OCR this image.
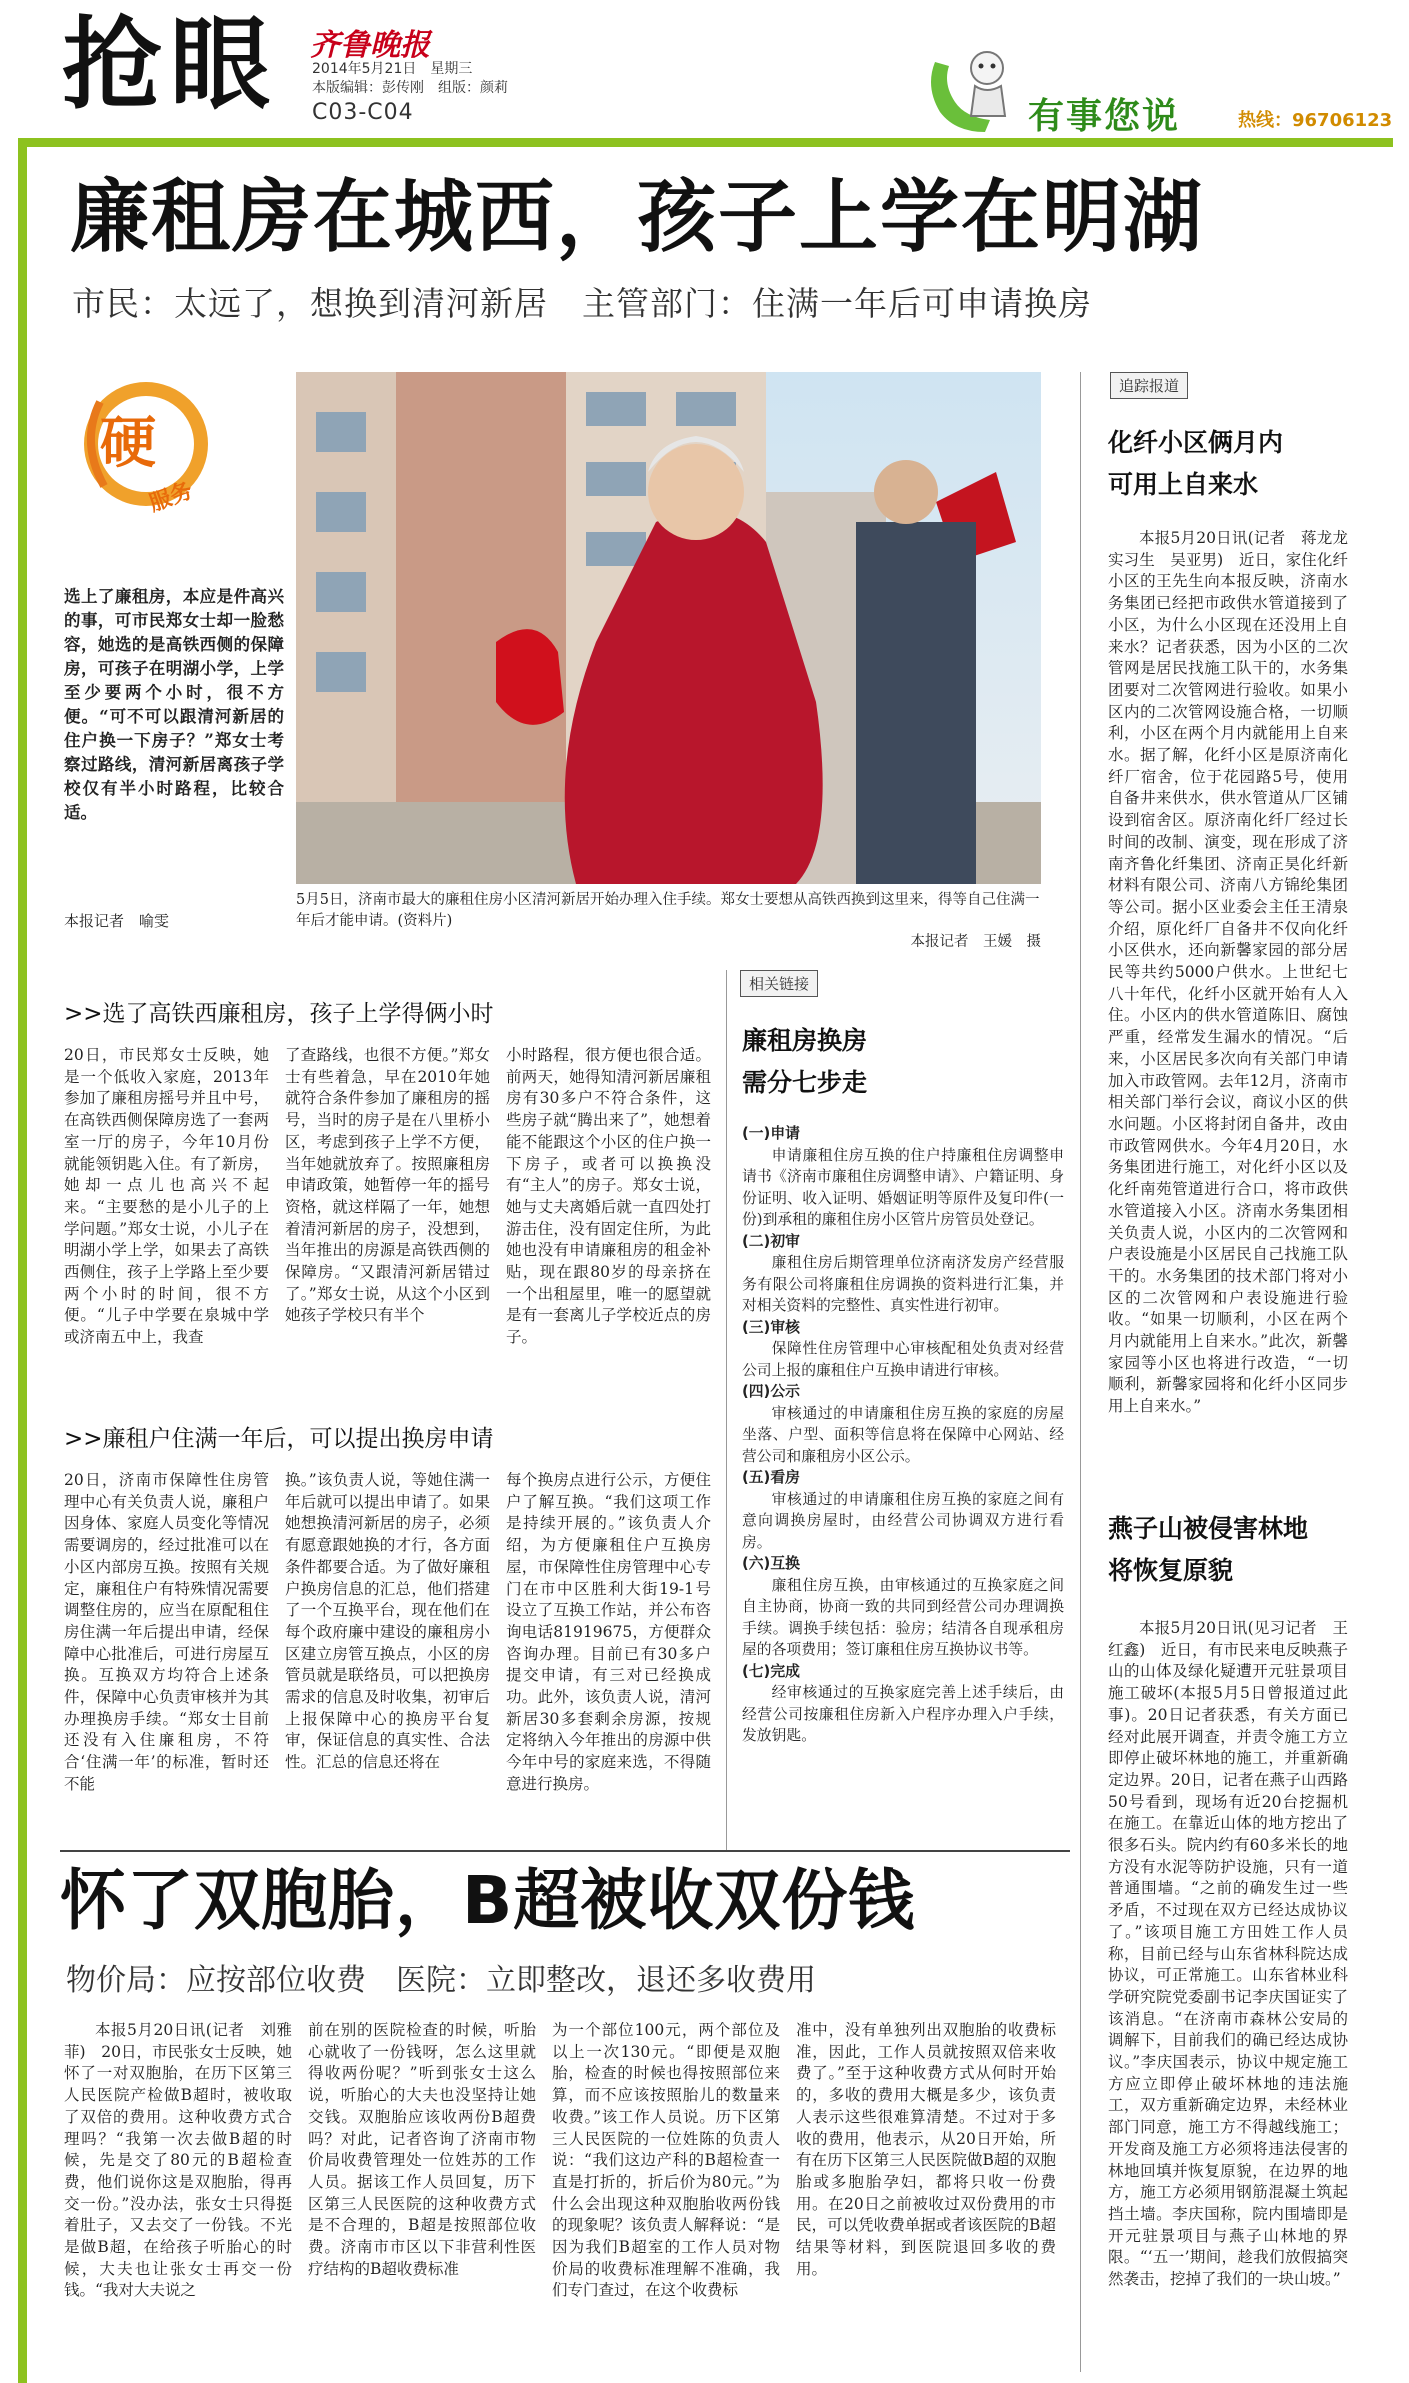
抢眼 齐鲁晚报
2014年5月21日　星期三
本版编辑：彭传刚　组版：颜莉
C03-C04	有事您说	热线：96706123
廉租房在城西，孩子上学在明湖
市民：太远了，想换到清河新居　主管部门：住满一年后可申请换房
硬
服务
选上了廉租房，本应是件高兴的事，可市民郑女士却一脸愁容，她选的是高铁西侧的保障房，可孩子在明湖小学，上学至少要两个小时，很不方便。“可不可以跟清河新居的住户换一下房子？”郑女士考察过路线，清河新居离孩子学校仅有半小时路程，比较合适。
本报记者　喻雯
5月5日，济南市最大的廉租住房小区清河新居开始办理入住手续。郑女士要想从高铁西换到这里来，得等自己住满一年后才能申请。(资料片)
本报记者　王媛　摄
>>选了高铁西廉租房，孩子上学得俩小时
20日，市民郑女士反映，她是一个低收入家庭，2013年参加了廉租房摇号并且中号，在高铁西侧保障房选了一套两室一厅的房子，今年10月份就能领钥匙入住。有了新房，她却一点儿也高兴不起来。“主要愁的是小儿子的上学问题。”郑女士说，小儿子在明湖小学上学，如果去了高铁西侧住，孩子上学路上至少要两个小时的时间，很不方便。“儿子中学要在泉城中学或济南五中上，我查
了查路线，也很不方便。”郑女士有些着急，早在2010年她就符合条件参加了廉租房的摇号，当时的房子是在八里桥小区，考虑到孩子上学不方便，当年她就放弃了。按照廉租房申请政策，她暂停一年的摇号资格，就这样隔了一年，她想着清河新居的房子，没想到，当年推出的房源是高铁西侧的保障房。“又跟清河新居错过了。”郑女士说，从这个小区到她孩子学校只有半个
小时路程，很方便也很合适。前两天，她得知清河新居廉租房有30多户不符合条件，这些房子就“腾出来了”，她想着能不能跟这个小区的住户换一下房子，或者可以换换没有“主人”的房子。郑女士说，她与丈夫离婚后就一直四处打游击住，没有固定住所，为此她也没有申请廉租房的租金补贴，现在跟80岁的母亲挤在一个出租屋里，唯一的愿望就是有一套离儿子学校近点的房子。
>>廉租户住满一年后，可以提出换房申请
20日，济南市保障性住房管理中心有关负责人说，廉租户因身体、家庭人员变化等情况需要调房的，经过批准可以在小区内部房互换。按照有关规定，廉租住户有特殊情况需要调整住房的，应当在原配租住房住满一年后提出申请，经保障中心批准后，可进行房屋互换。互换双方均符合上述条件，保障中心负责审核并为其办理换房手续。“郑女士目前还没有入住廉租房，不符合‘住满一年’的标准，暂时还不能
换。”该负责人说，等她住满一年后就可以提出申请了。如果她想换清河新居的房子，必须有愿意跟她换的才行，各方面条件都要合适。为了做好廉租户换房信息的汇总，他们搭建了一个互换平台，现在他们在每个政府廉中建设的廉租房小区建立房管互换点，小区的房管员就是联络员，可以把换房需求的信息及时收集，初审后上报保障中心的换房平台复审，保证信息的真实性、合法性。汇总的信息还将在
每个换房点进行公示，方便住户了解互换。“我们这项工作是持续开展的。”该负责人介绍，为方便廉租住户互换房屋，市保障性住房管理中心专门在市中区胜利大街19-1号设立了互换工作站，并公布咨询电话81919675，方便群众咨询办理。目前已有30多户提交申请，有三对已经换成功。此外，该负责人说，清河新居30多套剩余房源，按规定将纳入今年推出的房源中供今年中号的家庭来选，不得随意进行换房。
相关链接
廉租房换房
需分七步走
(一)申请

申请廉租住房互换的住户持廉租住房调整申请书《济南市廉租住房调整申请》、户籍证明、身份证明、收入证明、婚姻证明等原件及复印件(一份)到承租的廉租住房小区管片房管员处登记。

(二)初审

廉租住房后期管理单位济南济发房产经营服务有限公司将廉租住房调换的资料进行汇集，并对相关资料的完整性、真实性进行初审。

(三)审核

保障性住房管理中心审核配租处负责对经营公司上报的廉租住户互换申请进行审核。

(四)公示

审核通过的申请廉租住房互换的家庭的房屋坐落、户型、面积等信息将在保障中心网站、经营公司和廉租房小区公示。

(五)看房

审核通过的申请廉租住房互换的家庭之间有意向调换房屋时，由经营公司协调双方进行看房。

(六)互换

廉租住房互换，由审核通过的互换家庭之间自主协商，协商一致的共同到经营公司办理调换手续。调换手续包括：验房；结清各自现承租房屋的各项费用；签订廉租住房互换协议书等。

(七)完成

经审核通过的互换家庭完善上述手续后，由经营公司按廉租住房新入户程序办理入户手续，发放钥匙。

追踪报道
化纤小区俩月内
可用上自来水
本报5月20日讯(记者　蒋龙龙　实习生　吴亚男)　近日，家住化纤小区的王先生向本报反映，济南水务集团已经把市政供水管道接到了小区，为什么小区现在还没用上自来水？记者获悉，因为小区的二次管网是居民找施工队干的，水务集团要对二次管网进行验收。如果小区内的二次管网设施合格，一切顺利，小区在两个月内就能用上自来水。据了解，化纤小区是原济南化纤厂宿舍，位于花园路5号，使用自备井来供水，供水管道从厂区铺设到宿舍区。原济南化纤厂经过长时间的改制、演变，现在形成了济南齐鲁化纤集团、济南正昊化纤新材料有限公司、济南八方锦纶集团等公司。据小区业委会主任王清泉介绍，原化纤厂自备井不仅向化纤小区供水，还向新馨家园的部分居民等共约5000户供水。上世纪七八十年代，化纤小区就开始有人入住。小区内的供水管道陈旧、腐蚀严重，经常发生漏水的情况。“后来，小区居民多次向有关部门申请加入市政管网。去年12月，济南市相关部门举行会议，商议小区的供水问题。小区将封闭自备井，改由市政管网供水。今年4月20日，水务集团进行施工，对化纤小区以及化纤南苑管道进行合口，将市政供水管道接入小区。济南水务集团相关负责人说，小区内的二次管网和户表设施是小区居民自己找施工队干的。水务集团的技术部门将对小区的二次管网和户表设施进行验收。“如果一切顺利，小区在两个月内就能用上自来水。”此次，新馨家园等小区也将进行改造，“一切顺利，新馨家园将和化纤小区同步用上自来水。”
燕子山被侵害林地
将恢复原貌
本报5月20日讯(见习记者　王红鑫)　近日，有市民来电反映燕子山的山体及绿化疑遭开元驻景项目施工破坏(本报5月5日曾报道过此事)。20日记者获悉，有关方面已经对此展开调查，并责令施工方立即停止破坏林地的施工，并重新确定边界。20日，记者在燕子山西路50号看到，现场有近20台挖掘机在施工。在靠近山体的地方挖出了很多石头。院内约有60多米长的地方没有水泥等防护设施，只有一道普通围墙。“之前的确发生过一些矛盾，不过现在双方已经达成协议了。”该项目施工方田姓工作人员称，目前已经与山东省林科院达成协议，可正常施工。山东省林业科学研究院党委副书记李庆国证实了该消息。“在济南市森林公安局的调解下，目前我们的确已经达成协议。”李庆国表示，协议中规定施工方应立即停止破坏林地的违法施工，双方重新确定边界，未经林业部门同意，施工方不得越线施工；开发商及施工方必须将违法侵害的林地回填并恢复原貌，在边界的地方，施工方必须用钢筋混凝土筑起挡土墙。李庆国称，院内围墙即是开元驻景项目与燕子山林地的界限。“‘五一’期间，趁我们放假搞突然袭击，挖掉了我们的一块山坡。”
怀了双胞胎，B超被收双份钱
物价局：应按部位收费　医院：立即整改，退还多收费用
本报5月20日讯(记者　刘雅菲)　20日，市民张女士反映，她怀了一对双胞胎，在历下区第三人民医院产检做B超时，被收取了双倍的费用。这种收费方式合理吗？“我第一次去做B超的时候，先是交了80元的B超检查费，他们说你这是双胞胎，得再交一份。”没办法，张女士只得挺着肚子，又去交了一份钱。不光是做B超，在给孩子听胎心的时候，大夫也让张女士再交一份钱。“我对大夫说之
前在别的医院检查的时候，听胎心就收了一份钱呀，怎么这里就得收两份呢？”听到张女士这么说，听胎心的大夫也没坚持让她交钱。双胞胎应该收两份B超费吗？对此，记者咨询了济南市物价局收费管理处一位姓苏的工作人员。据该工作人员回复，历下区第三人民医院的这种收费方式是不合理的，B超是按照部位收费。济南市市区以下非营利性医疗结构的B超收费标准
为一个部位100元，两个部位及以上一次130元。“即便是双胞胎，检查的时候也得按照部位来算，而不应该按照胎儿的数量来收费。”该工作人员说。历下区第三人民医院的一位姓陈的负责人说：“我们这边产科的B超检查一直是打折的，折后价为80元。”为什么会出现这种双胞胎收两份钱的现象呢？该负责人解释说：“是因为我们B超室的工作人员对物价局的收费标准理解不准确，我们专门查过，在这个收费标
准中，没有单独列出双胞胎的收费标准，因此，工作人员就按照双倍来收费了。”至于这种收费方式从何时开始的，多收的费用大概是多少，该负责人表示这些很难算清楚。不过对于多收的费用，他表示，从20日开始，所有在历下区第三人民医院做B超的双胞胎或多胞胎孕妇，都将只收一份费用。在20日之前被收过双份费用的市民，可以凭收费单据或者该医院的B超结果等材料，到医院退回多收的费用。
